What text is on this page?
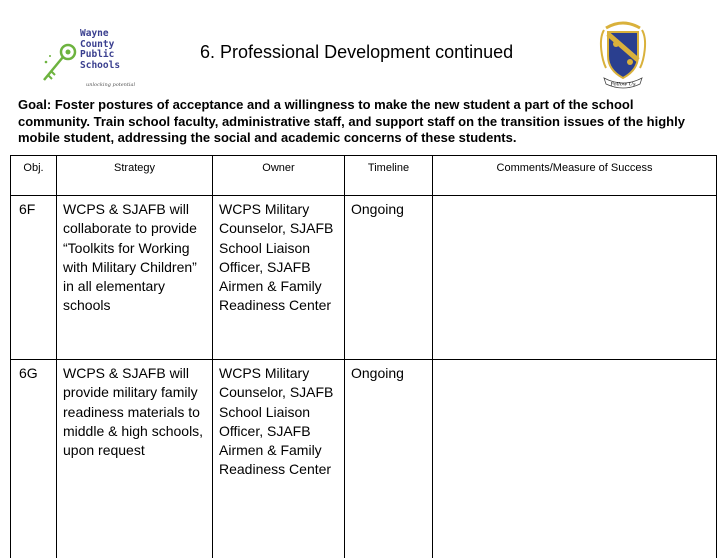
Wayne
County
Public
Schools
unlocking potential
6. Professional Development continued
Follow Us

Goal: Foster postures of acceptance and a willingness to make the new student a part of the school community. Train school faculty, administrative staff, and support staff on the transition issues of the highly mobile student, addressing the social and academic concerns of these students.

Obj.	Strategy	Owner	Timeline	Comments/Measure of Success
6F	WCPS & SJAFB will collaborate to provide “Toolkits for Working with Military Children” in all elementary schools	WCPS Military Counselor, SJAFB School Liaison Officer, SJAFB Airmen & Family Readiness Center	Ongoing	
6G	WCPS & SJAFB will provide military family readiness materials to middle & high schools, upon request	WCPS Military Counselor, SJAFB School Liaison Officer, SJAFB Airmen & Family Readiness Center	Ongoing	
